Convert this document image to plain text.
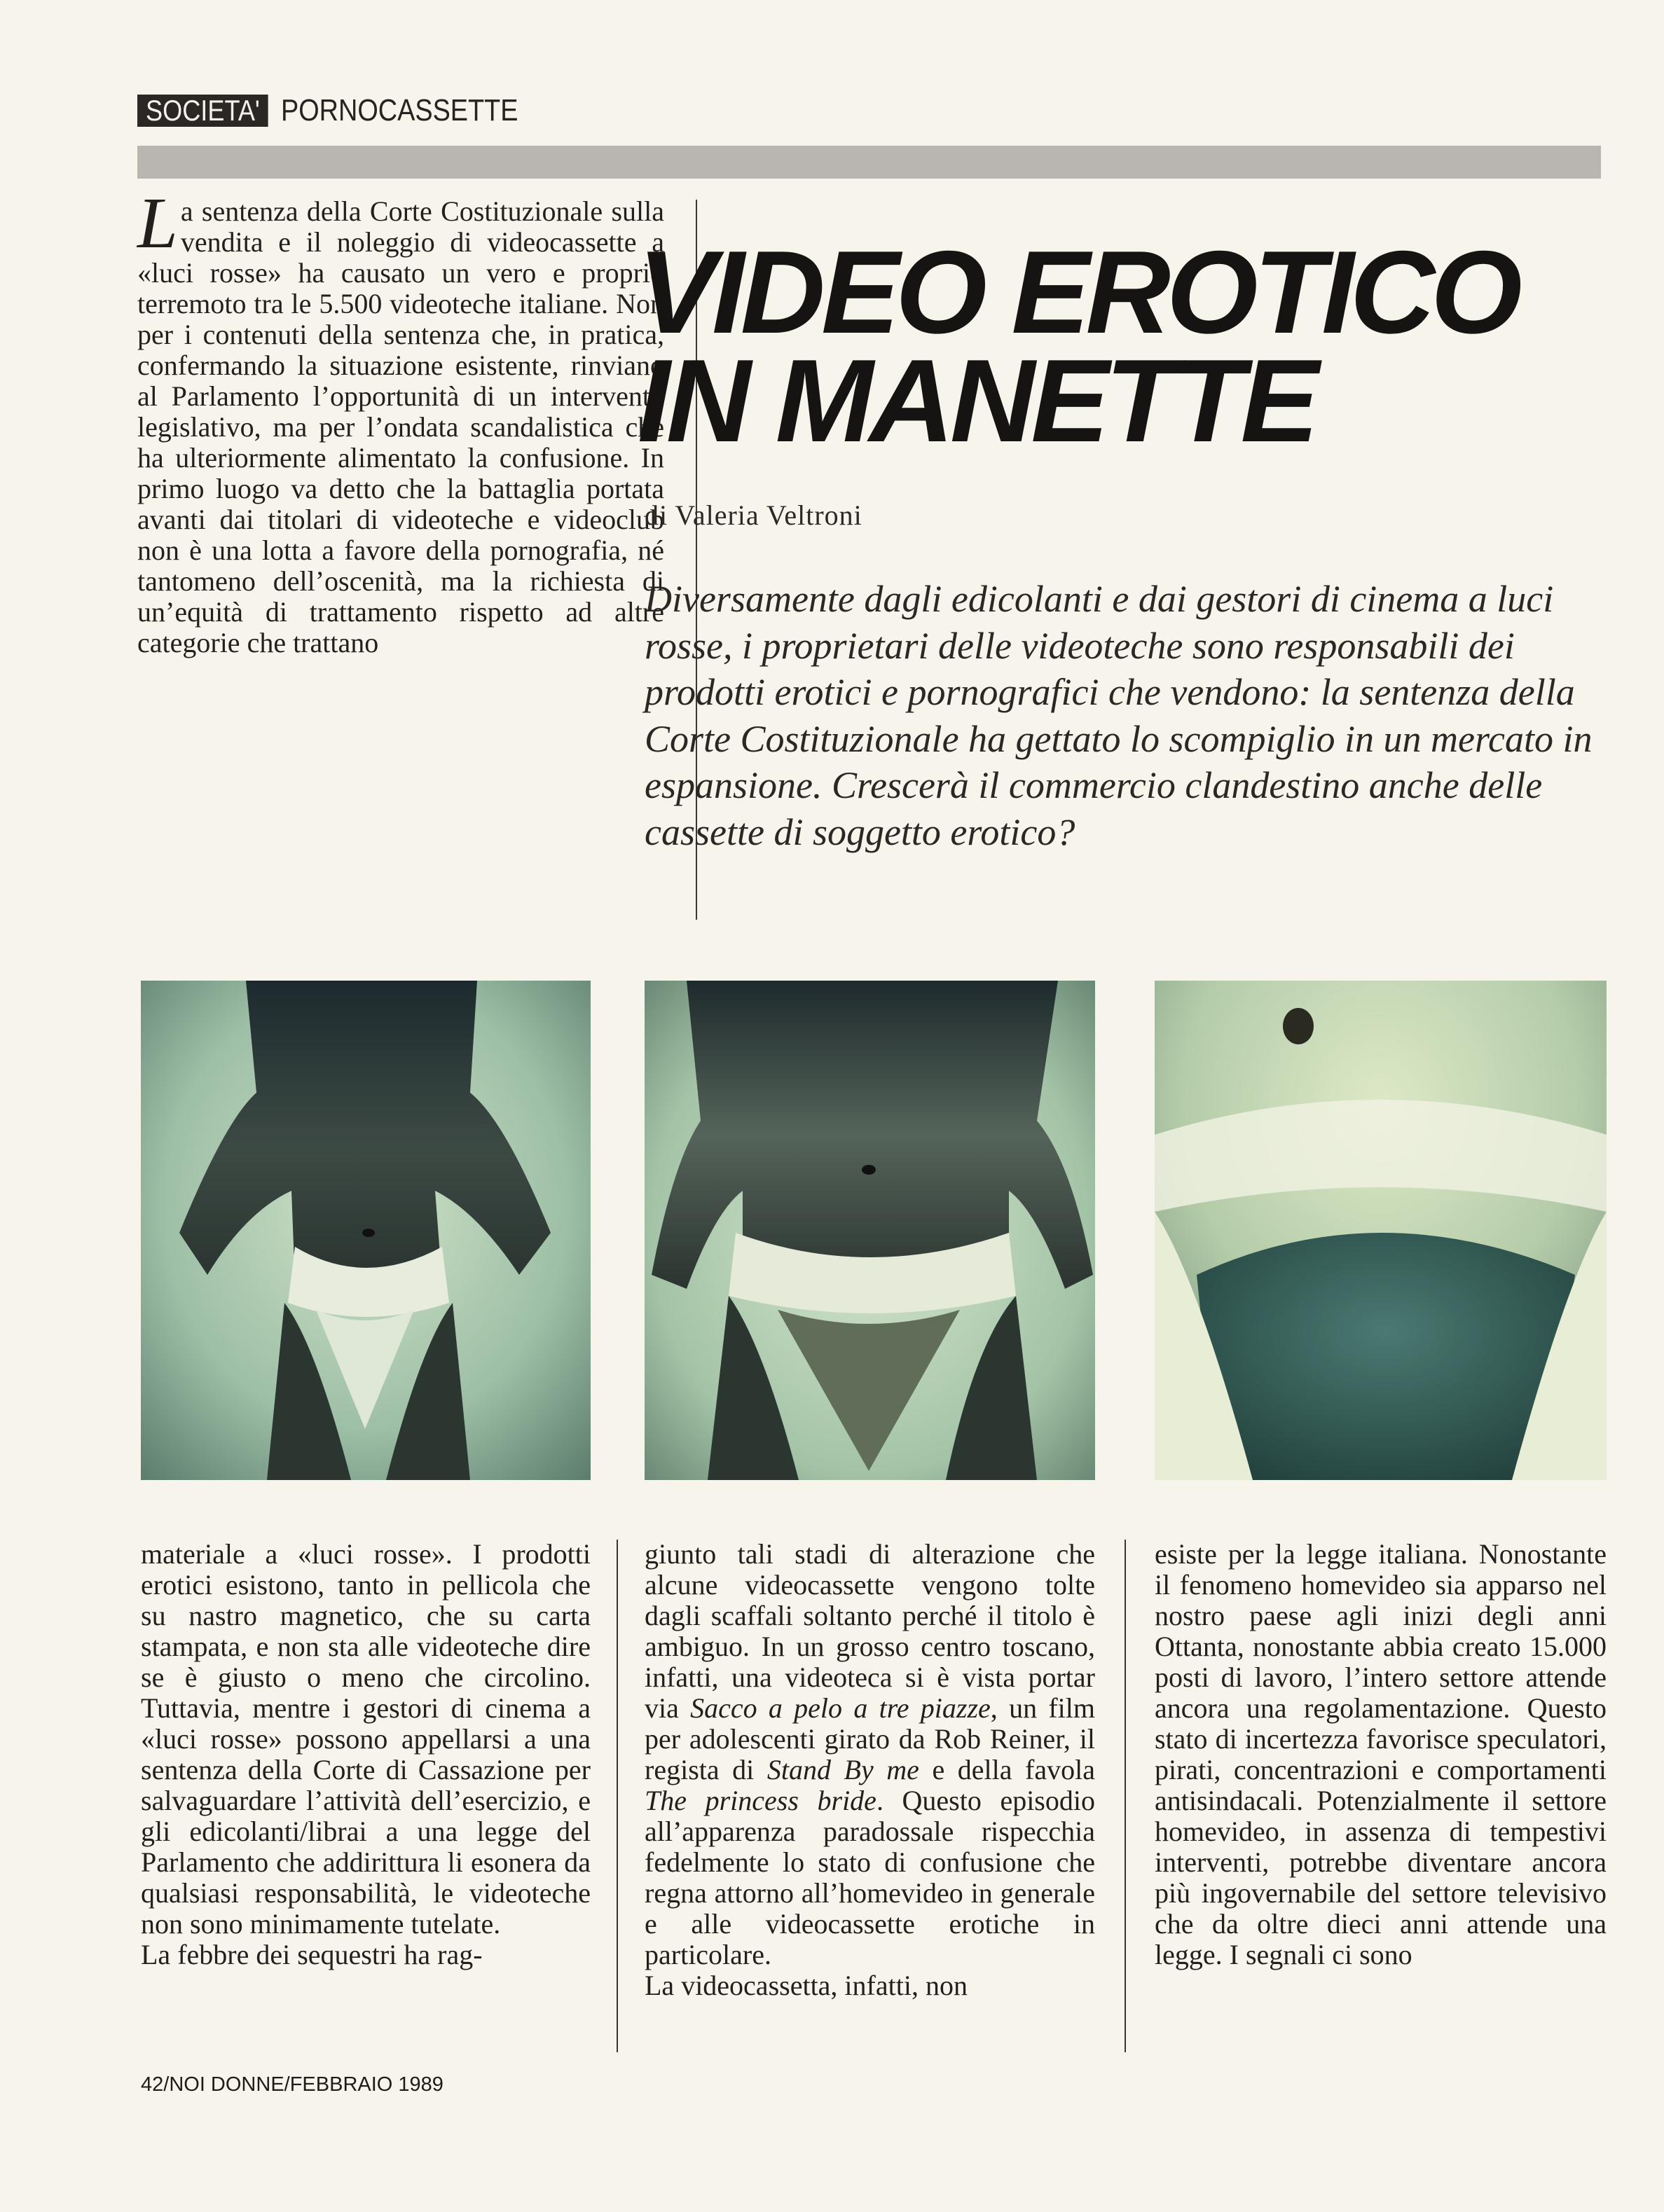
SOCIETA' PORNOCASSETTE
L a sentenza della Corte Costituzionale sulla vendita e il noleggio di videocassette a «luci rosse» ha causato un vero e proprio terremoto tra le 5.500 videoteche italiane. Non per i contenuti della sentenza che, in pratica, confermando la situazione esistente, rinviano al Parlamento l’opportunità di un intervento legislativo, ma per l’ondata scandalistica che ha ulteriormente alimentato la confusione. In primo luogo va detto che la battaglia portata avanti dai titolari di videoteche e videoclub non è una lotta a favore della pornografia, né tantomeno dell’oscenità, ma la richiesta di un’equità di trattamento rispetto ad altre categorie che trattano
VIDEO EROTICO
IN MANETTE
di Valeria Veltroni
Diversamente dagli edicolanti e dai gestori di cinema a luci rosse, i proprietari delle videoteche sono responsabili dei prodotti erotici e pornografici che vendono: la sentenza della Corte Costituzionale ha gettato lo scompiglio in un mercato in espansione. Crescerà il commercio clandestino anche delle cassette di soggetto erotico?

materiale a «luci rosse». I prodotti erotici esistono, tanto in pellicola che su nastro magnetico, che su carta stampata, e non sta alle videoteche dire se è giusto o meno che circolino. Tuttavia, mentre i gestori di cinema a «luci rosse» possono appellarsi a una sentenza della Corte di Cassazione per salvaguardare l’attività dell’esercizio, e gli edicolanti/librai a una legge del Parlamento che addirittura li esonera da qualsiasi responsabilità, le videoteche non sono minimamente tutelate.

La febbre dei sequestri ha rag-

giunto tali stadi di alterazione che alcune videocassette vengono tolte dagli scaffali soltanto perché il titolo è ambiguo. In un grosso centro toscano, infatti, una videoteca si è vista portar via Sacco a pelo a tre piazze, un film per adolescenti girato da Rob Reiner, il regista di Stand By me e della favola The princess bride. Questo episodio all’apparenza paradossale rispecchia fedelmente lo stato di confusione che regna attorno all’homevideo in generale e alle videocassette erotiche in particolare.

La videocassetta, infatti, non

esiste per la legge italiana. Nonostante il fenomeno homevideo sia apparso nel nostro paese agli inizi degli anni Ottanta, nonostante abbia creato 15.000 posti di lavoro, l’intero settore attende ancora una regolamentazione. Questo stato di incertezza favorisce speculatori, pirati, concentrazioni e comportamenti antisindacali. Potenzialmente il settore homevideo, in assenza di tempestivi interventi, potrebbe diventare ancora più ingovernabile del settore televisivo che da oltre dieci anni attende una legge. I segnali ci sono

42/NOI DONNE/FEBBRAIO 1989
